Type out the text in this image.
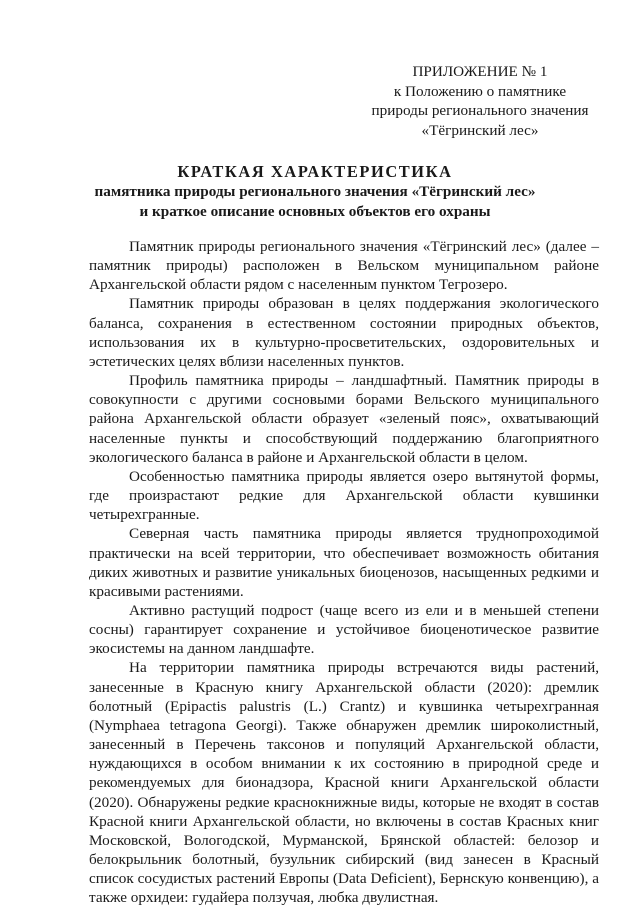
ПРИЛОЖЕНИЕ № 1
к Положению о памятнике
природы регионального значения
«Тёгринский лес»
КРАТКАЯ ХАРАКТЕРИСТИКА
памятника природы регионального значения «Тёгринский лес»
и краткое описание основных объектов его охраны

Памятник природы регионального значения «Тёгринский лес» (далее – памятник природы) расположен в Вельском муниципальном районе Архангельской области рядом с населенным пунктом Тегрозеро.

Памятник природы образован в целях поддержания экологического баланса, сохранения в естественном состоянии природных объектов, использования их в культурно-просветительских, оздоровительных и эстетических целях вблизи населенных пунктов.

Профиль памятника природы – ландшафтный. Памятник природы в совокупности с другими сосновыми борами Вельского муниципального района Архангельской области образует «зеленый пояс», охватывающий населенные пункты и способствующий поддержанию благоприятного экологического баланса в районе и Архангельской области в целом.

Особенностью памятника природы является озеро вытянутой формы, где произрастают редкие для Архангельской области кувшинки четырехгранные.

Северная часть памятника природы является труднопроходимой практически на всей территории, что обеспечивает возможность обитания диких животных и развитие уникальных биоценозов, насыщенных редкими и красивыми растениями.

Активно растущий подрост (чаще всего из ели и в меньшей степени сосны) гарантирует сохранение и устойчивое биоценотическое развитие экосистемы на данном ландшафте.

На территории памятника природы встречаются виды растений, занесенные в Красную книгу Архангельской области (2020): дремлик болотный (Epipactis palustris (L.) Crantz) и кувшинка четырехгранная (Nymphaea tetragona Georgi). Также обнаружен дремлик широколистный, занесенный в Перечень таксонов и популяций Архангельской области, нуждающихся в особом внимании к их состоянию в природной среде и рекомендуемых для бионадзора, Красной книги Архангельской области (2020). Обнаружены редкие краснокнижные виды, которые не входят в состав Красной книги Архангельской области, но включены в состав Красных книг Московской, Вологодской, Мурманской, Брянской областей: белозор и белокрыльник болотный, бузульник сибирский (вид занесен в Красный список сосудистых растений Европы (Data Deficient), Бернскую конвенцию), а также орхидеи: гудайера ползучая, любка двулистная.
